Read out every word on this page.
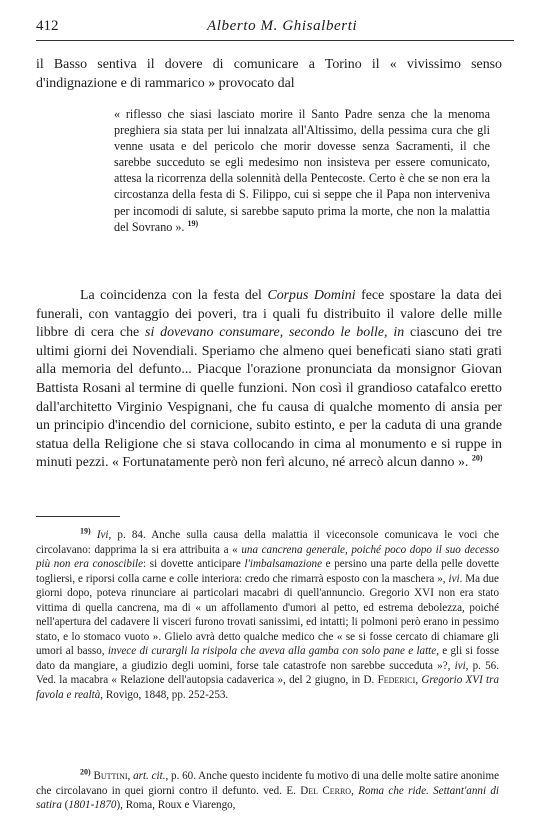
412	Alberto M. Ghisalberti
il Basso sentiva il dovere di comunicare a Torino il « vivissimo senso d'indignazione e di rammarico » provocato dal
« riflesso che siasi lasciato morire il Santo Padre senza che la menoma preghiera sia stata per lui innalzata all'Altissimo, della pessima cura che gli venne usata e del pericolo che morir dovesse senza Sacramenti, il che sarebbe succeduto se egli medesimo non insisteva per essere comunicato, attesa la ricorrenza della solennità della Pentecoste. Certo è che se non era la circostanza della festa di S. Filippo, cui si seppe che il Papa non interveniva per incomodi di salute, si sarebbe saputo prima la morte, che non la malattia del Sovrano ». $^{19)}$
La coincidenza con la festa del Corpus Domini fece spostare la data dei funerali, con vantaggio dei poveri, tra i quali fu distribuito il valore delle mille libbre di cera che si dovevano consumare, secondo le bolle, in ciascuno dei tre ultimi giorni dei Novendiali. Speriamo che almeno quei beneficati siano stati grati alla memoria del defunto... Piacque l'orazione pronunciata da monsignor Giovan Battista Rosani al termine di quelle funzioni. Non così il grandioso catafalco eretto dall'architetto Virginio Vespignani, che fu causa di qualche momento di ansia per un principio d'incendio del cornicione, subito estinto, e per la caduta di una grande statua della Religione che si stava collocando in cima al monumento e si ruppe in minuti pezzi. « Fortunatamente però non ferì alcuno, né arrecò alcun danno ». $^{20)}$
$^{19)}$ Ivi, p. 84. Anche sulla causa della malattia il viceconsole comunicava le voci che circolavano: dapprima la si era attribuita a « una cancrena generale, poiché poco dopo il suo decesso più non era conoscibile: si dovette anticipare l'imbalsamazione e persino una parte della pelle dovette togliersi, e riporsi colla carne e colle interiora: credo che rimarrà esposto con la maschera », ivi. Ma due giorni dopo, poteva rinunciare ai particolari macabri di quell'annuncio. Gregorio XVI non era stato vittima di quella cancrena, ma di « un affollamento d'umori al petto, ed estrema debolezza, poiché nell'apertura del cadavere li visceri furono trovati sanissimi, ed intatti; li polmoni però erano in pessimo stato, e lo stomaco vuoto ». Glielo avrà detto qualche medico che « se si fosse cercato di chiamare gli umori al basso, invece di curargli la risipola che aveva alla gamba con solo pane e latte, e gli si fosse dato da mangiare, a giudizio degli uomini, forse tale catastrofe non sarebbe succeduta »?, ivi, p. 56. Ved. la macabra « Relazione dell'autopsia cadaverica », del 2 giugno, in D. Federici, Gregorio XVI tra favola e realtà, Rovigo, 1848, pp. 252-253.
$^{20)}$ Buttini, art. cit., p. 60. Anche questo incidente fu motivo di una delle molte satire anonime che circolavano in quei giorni contro il defunto. ved. E. Del Cerro, Roma che ride. Settant'anni di satira (1801-1870), Roma, Roux e Viarengo,
